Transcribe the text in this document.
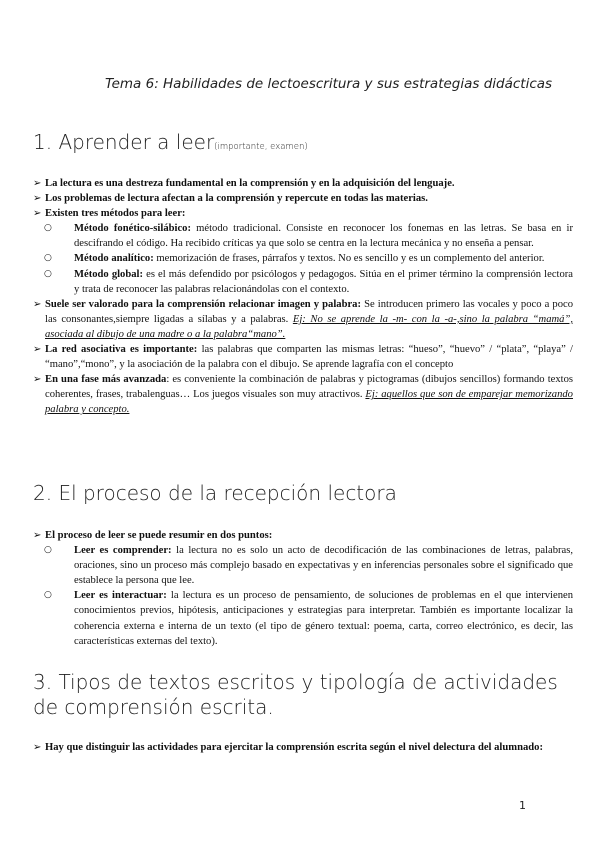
Tema 6: Habilidades de lectoescritura y sus estrategias didácticas
1. Aprender a leer(importante, examen)
➢ La lectura es una destreza fundamental en la comprensión y en la adquisición del lenguaje.
➢ Los problemas de lectura afectan a la comprensión y repercute en todas las materias.
➢ Existen tres métodos para leer:
○ Método fonético-silábico: método tradicional. Consiste en reconocer los fonemas en las letras. Se basa en ir descifrando el código. Ha recibido críticas ya que solo se centra en la lectura mecánica y no enseña a pensar.
○ Método analítico: memorización de frases, párrafos y textos. No es sencillo y es un complemento del anterior.
○ Método global: es el más defendido por psicólogos y pedagogos. Sitúa en el primer término la comprensión lectora y trata de reconocer las palabras relacionándolas con el contexto.
➢ Suele ser valorado para la comprensión relacionar imagen y palabra: Se introducen primero las vocales y poco a poco las consonantes,siempre ligadas a sílabas y a palabras. Ej: No se aprende la -m- con la -a-,sino la palabra “mamá”, asociada al dibujo de una madre o a la palabra“mano”.
➢ La red asociativa es importante: las palabras que comparten las mismas letras: “hueso”, “huevo” / “plata”, “playa” / “mano”,“mono”, y la asociación de la palabra con el dibujo. Se aprende lagrafía con el concepto
➢ En una fase más avanzada: es conveniente la combinación de palabras y pictogramas (dibujos sencillos) formando textos coherentes, frases, trabalenguas… Los juegos visuales son muy atractivos. Ej: aquellos que son de emparejar memorizando palabra y concepto.
2. El proceso de la recepción lectora
➢ El proceso de leer se puede resumir en dos puntos:
○ Leer es comprender: la lectura no es solo un acto de decodificación de las combinaciones de letras, palabras, oraciones, sino un proceso más complejo basado en expectativas y en inferencias personales sobre el significado que establece la persona que lee.
○ Leer es interactuar: la lectura es un proceso de pensamiento, de soluciones de problemas en el que intervienen conocimientos previos, hipótesis, anticipaciones y estrategias para interpretar. También es importante localizar la coherencia externa e interna de un texto (el tipo de género textual: poema, carta, correo electrónico, es decir, las características externas del texto).
3. Tipos de textos escritos y tipología de actividades de comprensión escrita.
➢ Hay que distinguir las actividades para ejercitar la comprensión escrita según el nivel delectura del alumnado:
1
